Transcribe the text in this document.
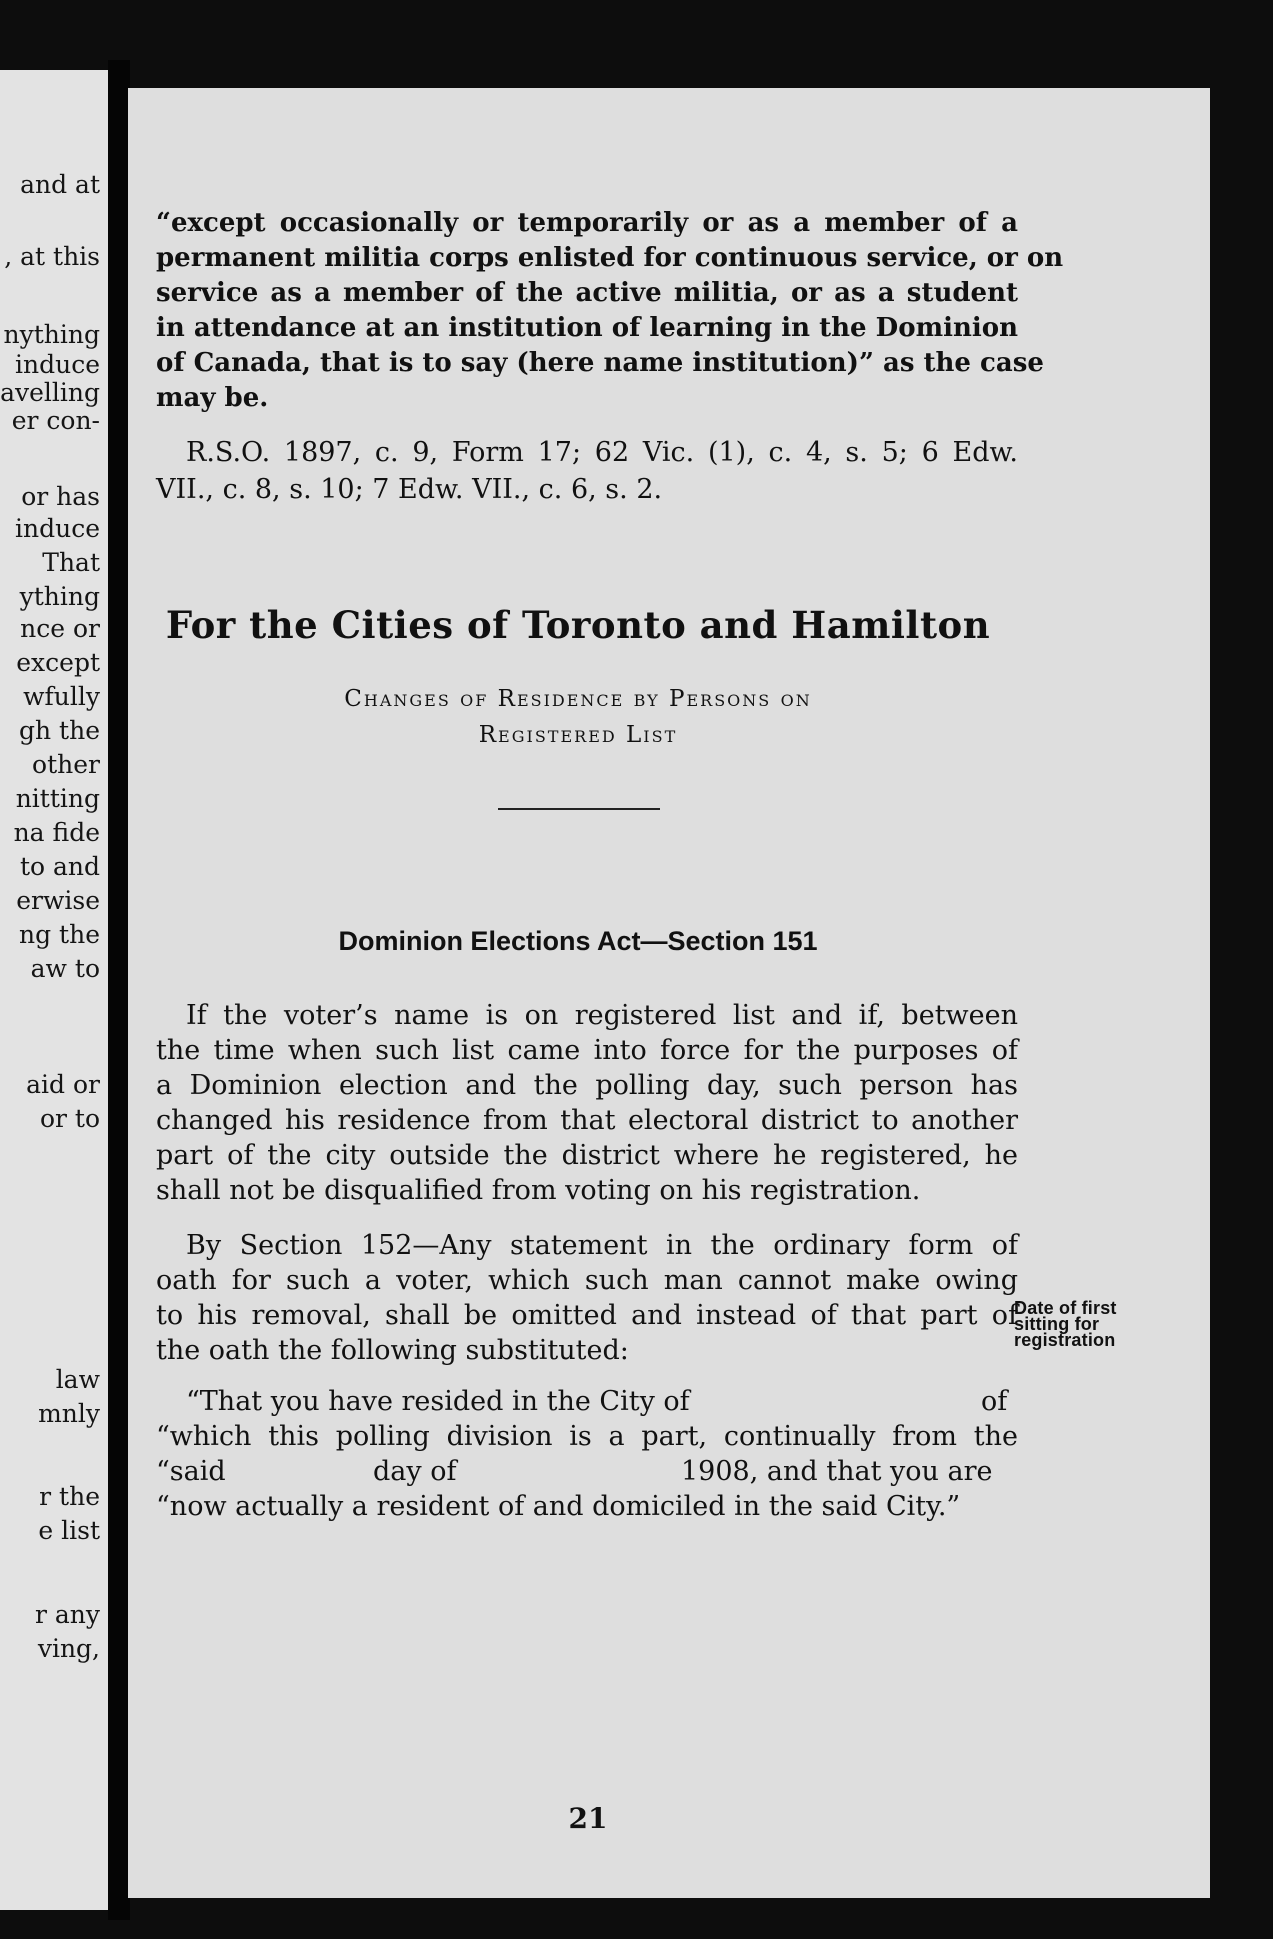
and at
, at this
nything
induce
avelling
er con-
or has
induce
That
ything
nce or
except
wfully
gh the
other
nitting
na fide
to and
erwise
ng the
aw to
aid or
or to
law
mnly
r the
e list
r any
ving,
“except occasionally or temporarily or as a member of a
permanent militia corps enlisted for continuous service, or on
service as a member of the active militia, or as a student
in attendance at an institution of learning in the Dominion
of Canada, that is to say (here name institution)” as the case
may be.
R.S.O. 1897, c. 9, Form 17; 62 Vic. (1), c. 4, s. 5; 6 Edw.
VII., c. 8, s. 10; 7 Edw. VII., c. 6, s. 2.
For the Cities of Toronto and Hamilton
Changes of Residence by Persons on
Registered List
Dominion Elections Act—Section 151
If the voter’s name is on registered list and if, between
the time when such list came into force for the purposes of
a Dominion election and the polling day, such person has
changed his residence from that electoral district to another
part of the city outside the district where he registered, he
shall not be disqualified from voting on his registration.
By Section 152—Any statement in the ordinary form of
oath for such a voter, which such man cannot make owing
to his removal, shall be omitted and instead of that part of
the oath the following substituted:
“That you have resided in the City of	of
“which this polling division is a part, continually from the
“said	day of	1908, and that you are
“now actually a resident of and domiciled in the said City.”
21
Date of first
sitting for
registration
